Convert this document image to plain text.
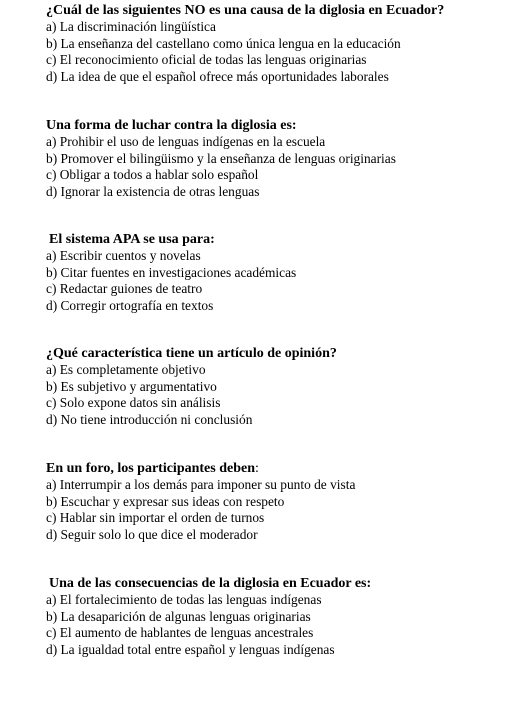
¿Cuál de las siguientes NO es una causa de la diglosia en Ecuador?

a) La discriminación lingüística
b) La enseñanza del castellano como única lengua en la educación
c) El reconocimiento oficial de todas las lenguas originarias
d) La idea de que el español ofrece más oportunidades laborales

Una forma de luchar contra la diglosia es:

a) Prohibir el uso de lenguas indígenas en la escuela
b) Promover el bilingüismo y la enseñanza de lenguas originarias
c) Obligar a todos a hablar solo español
d) Ignorar la existencia de otras lenguas

El sistema APA se usa para:

a) Escribir cuentos y novelas
b) Citar fuentes en investigaciones académicas
c) Redactar guiones de teatro
d) Corregir ortografía en textos

¿Qué característica tiene un artículo de opinión?

a) Es completamente objetivo
b) Es subjetivo y argumentativo
c) Solo expone datos sin análisis
d) No tiene introducción ni conclusión

En un foro, los participantes deben:

a) Interrumpir a los demás para imponer su punto de vista
b) Escuchar y expresar sus ideas con respeto
c) Hablar sin importar el orden de turnos
d) Seguir solo lo que dice el moderador

Una de las consecuencias de la diglosia en Ecuador es:

a) El fortalecimiento de todas las lenguas indígenas
b) La desaparición de algunas lenguas originarias
c) El aumento de hablantes de lenguas ancestrales
d) La igualdad total entre español y lenguas indígenas
